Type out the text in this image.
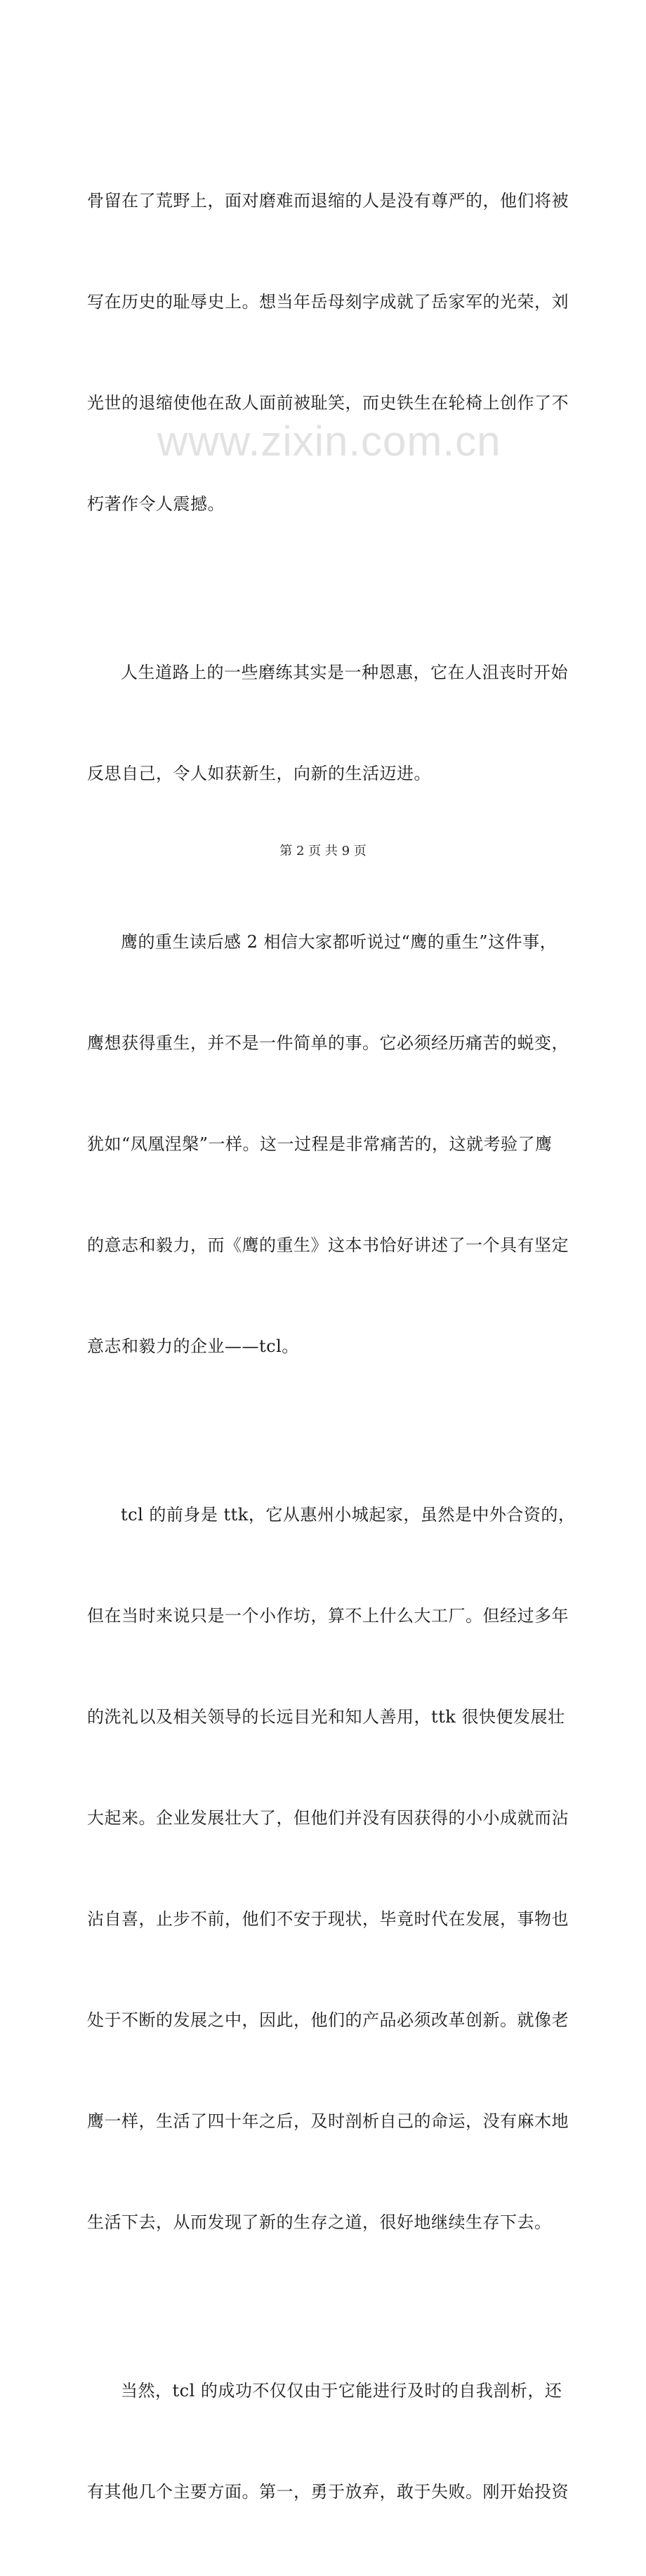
骨留在了荒野上，面对磨难而退缩的人是没有尊严的，他们将被

写在历史的耻辱史上。想当年岳母刻字成就了岳家军的光荣，刘

光世的退缩使他在敌人面前被耻笑，而史铁生在轮椅上创作了不

朽著作令人震撼。

人生道路上的一些磨练其实是一种恩惠，它在人沮丧时开始

反思自己，令人如获新生，向新的生活迈进。

鹰的重生读后感 2 相信大家都听说过“鹰的重生”这件事，

鹰想获得重生，并不是一件简单的事。它必须经历痛苦的蜕变，

犹如“凤凰涅槃”一样。这一过程是非常痛苦的，这就考验了鹰

的意志和毅力，而《鹰的重生》这本书恰好讲述了一个具有坚定

意志和毅力的企业——tcl。

tcl 的前身是 ttk，它从惠州小城起家，虽然是中外合资的，

但在当时来说只是一个小作坊，算不上什么大工厂。但经过多年

的洗礼以及相关领导的长远目光和知人善用，ttk 很快便发展壮

大起来。企业发展壮大了，但他们并没有因获得的小小成就而沾

沾自喜，止步不前，他们不安于现状，毕竟时代在发展，事物也

处于不断的发展之中，因此，他们的产品必须改革创新。就像老

鹰一样，生活了四十年之后，及时剖析自己的命运，没有麻木地

生活下去，从而发现了新的生存之道，很好地继续生存下去。

当然，tcl 的成功不仅仅由于它能进行及时的自我剖析，还

有其他几个主要方面。第一，勇于放弃，敢于失败。刚开始投资

www.zixin.com.cn
第 2 页 共 9 页
